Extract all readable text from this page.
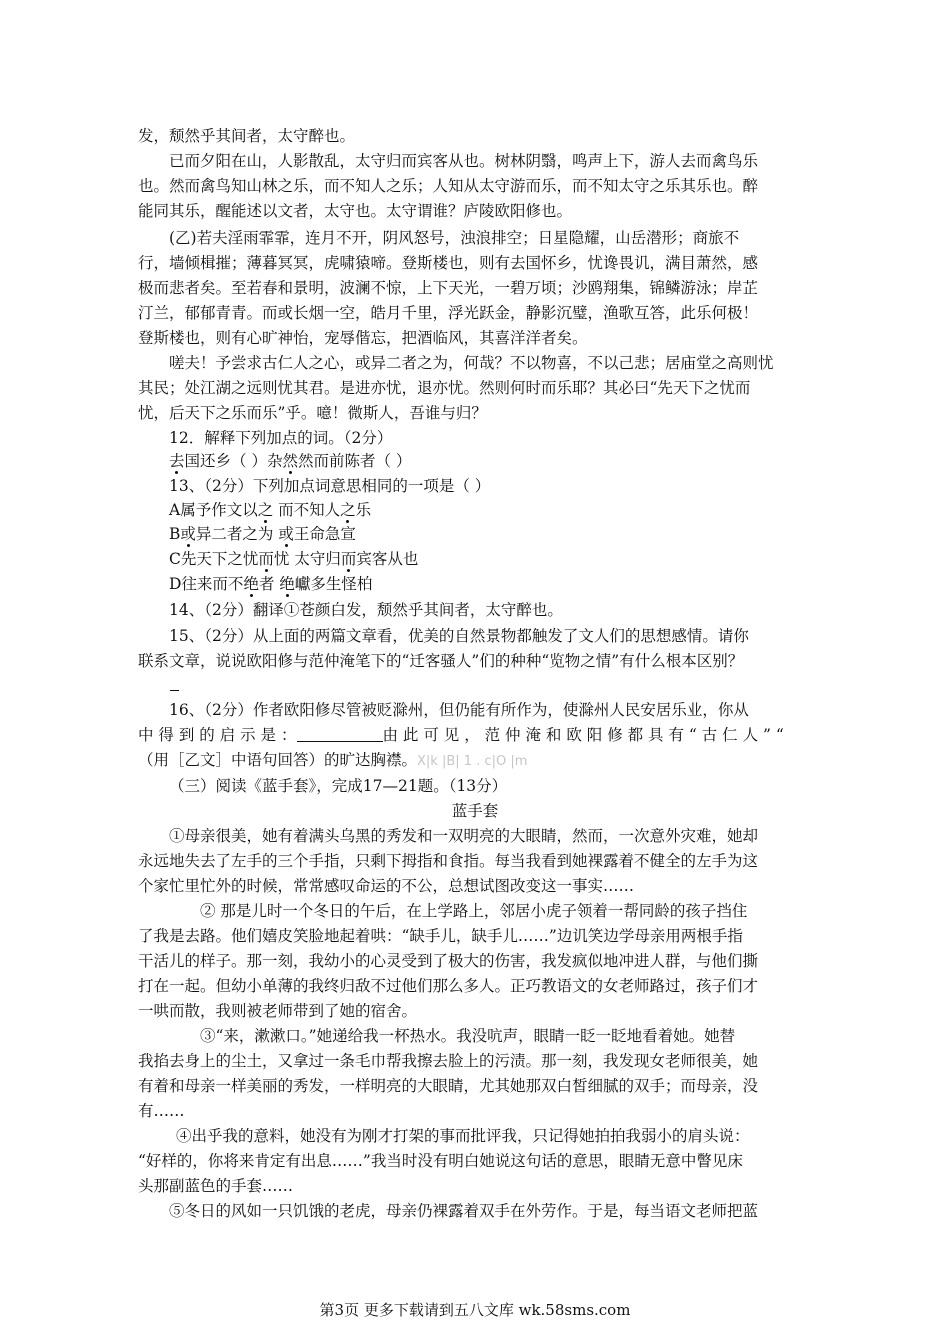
发，颓然乎其间者，太守醉也。

已而夕阳在山，人影散乱，太守归而宾客从也。树林阴翳，鸣声上下，游人去而禽鸟乐

也。然而禽鸟知山林之乐，而不知人之乐；人知从太守游而乐，而不知太守之乐其乐也。醉

能同其乐，醒能述以文者，太守也。太守谓谁？庐陵欧阳修也。

(乙)若夫淫雨霏霏，连月不开，阴风怒号，浊浪排空；日星隐耀，山岳潜形；商旅不

行，墙倾楫摧；薄暮冥冥，虎啸猿啼。登斯楼也，则有去国怀乡，忧谗畏讥，满目萧然，感

极而悲者矣。至若春和景明，波澜不惊，上下天光，一碧万顷；沙鸥翔集，锦鳞游泳；岸芷

汀兰，郁郁青青。而或长烟一空，皓月千里，浮光跃金，静影沉璧，渔歌互答，此乐何极！

登斯楼也，则有心旷神怡，宠辱偕忘，把酒临风，其喜洋洋者矣。

嗟夫！予尝求古仁人之心，或异二者之为，何哉？不以物喜，不以己悲；居庙堂之高则忧

其民；处江湖之远则忧其君。是进亦忧，退亦忧。然则何时而乐耶？其必曰“先天下之忧而

忧，后天下之乐而乐”乎。噫！微斯人，吾谁与归？

12．解释下列加点的词。（2分）

去国还乡（ ）杂然然而前陈者（ ）

13、（2分）下列加点词意思相同的一项是（ ）

A属予作文以之 而不知人之乐

B或异二者之为 或王命急宣

C先天下之忧而忧 太守归而宾客从也

D往来而不绝者 绝巘多生怪柏

14、（2分）翻译①苍颜白发，颓然乎其间者，太守醉也。

15、（2分）从上面的两篇文章看，优美的自然景物都触发了文人们的思想感情。请你

联系文章，说说欧阳修与范仲淹笔下的“迁客骚人”们的种种“览物之情”有什么根本区别？

16、（2分）作者欧阳修尽管被贬滁州，但仍能有所作为，使滁州人民安居乐业，你从

中 得 到 的 启 示 是 ：	由 此 可 见 ， 范 仲 淹 和 欧 阳 修 都 具 有 “ 古 仁 人 ” “

（用［乙文］中语句回答）的旷达胸襟。X|k |B| 1 . c|O |m

（三）阅读《蓝手套》，完成17—21题。（13分）

蓝手套

①母亲很美，她有着满头乌黑的秀发和一双明亮的大眼睛，然而，一次意外灾难，她却

永远地失去了左手的三个手指，只剩下拇指和食指。每当我看到她裸露着不健全的左手为这

个家忙里忙外的时候，常常感叹命运的不公，总想试图改变这一事实……

② 那是儿时一个冬日的午后，在上学路上，邻居小虎子领着一帮同龄的孩子挡住

了我是去路。他们嬉皮笑脸地起着哄：“缺手儿，缺手儿……”边讥笑边学母亲用两根手指

干活儿的样子。那一刻，我幼小的心灵受到了极大的伤害，我发疯似地冲进人群，与他们撕

打在一起。但幼小单薄的我终归敌不过他们那么多人。正巧教语文的女老师路过，孩子们才

一哄而散，我则被老师带到了她的宿舍。

③“来，漱漱口。”她递给我一杯热水。我没吭声，眼睛一眨一眨地看着她。她替

我掐去身上的尘土，又拿过一条毛巾帮我擦去脸上的污渍。那一刻，我发现女老师很美，她

有着和母亲一样美丽的秀发，一样明亮的大眼睛，尤其她那双白皙细腻的双手；而母亲，没

有……

④出乎我的意料，她没有为刚才打架的事而批评我，只记得她拍拍我弱小的肩头说：

“好样的，你将来肯定有出息……”我当时没有明白她说这句话的意思，眼睛无意中瞥见床

头那副蓝色的手套……

⑤冬日的风如一只饥饿的老虎，母亲仍裸露着双手在外劳作。于是，每当语文老师把蓝

第3页 更多下载请到五八文库 wk.58sms.com
